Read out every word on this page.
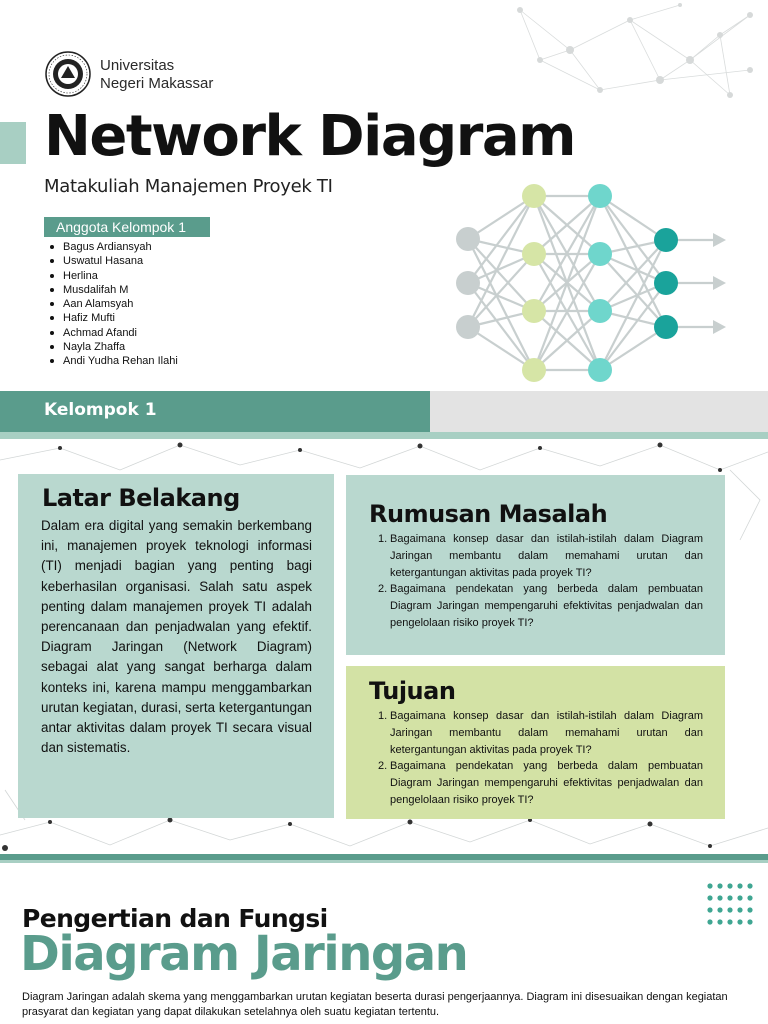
Universitas
Negeri Makassar
Network Diagram
Matakuliah Manajemen Proyek TI
Anggota Kelompok 1
Bagus Ardiansyah
Uswatul Hasana
Herlina
Musdalifah M
Aan Alamsyah
Hafiz Mufti
Achmad Afandi
Nayla Zhaffa
Andi Yudha Rehan Ilahi
Kelompok 1
Latar Belakang
Dalam era digital yang semakin berkembang ini, manajemen proyek teknologi informasi (TI) menjadi bagian yang penting bagi keberhasilan organisasi. Salah satu aspek penting dalam manajemen proyek TI adalah perencanaan dan penjadwalan yang efektif. Diagram Jaringan (Network Diagram) sebagai alat yang sangat berharga dalam konteks ini, karena mampu menggambarkan urutan kegiatan, durasi, serta ketergantungan antar aktivitas dalam proyek TI secara visual dan sistematis.
Rumusan Masalah
1. Bagaimana konsep dasar dan istilah-istilah dalam Diagram Jaringan membantu dalam memahami urutan dan ketergantungan aktivitas pada proyek TI?
2. Bagaimana pendekatan yang berbeda dalam pembuatan Diagram Jaringan mempengaruhi efektivitas penjadwalan dan pengelolaan risiko proyek TI?
Tujuan
1. Bagaimana konsep dasar dan istilah-istilah dalam Diagram Jaringan membantu dalam memahami urutan dan ketergantungan aktivitas pada proyek TI?
2. Bagaimana pendekatan yang berbeda dalam pembuatan Diagram Jaringan mempengaruhi efektivitas penjadwalan dan pengelolaan risiko proyek TI?
Pengertian dan Fungsi
Diagram Jaringan
Diagram Jaringan adalah skema yang menggambarkan urutan kegiatan beserta durasi pengerjaannya. Diagram ini disesuaikan dengan kegiatan prasyarat dan kegiatan yang dapat dilakukan setelahnya oleh suatu kegiatan tertentu.
